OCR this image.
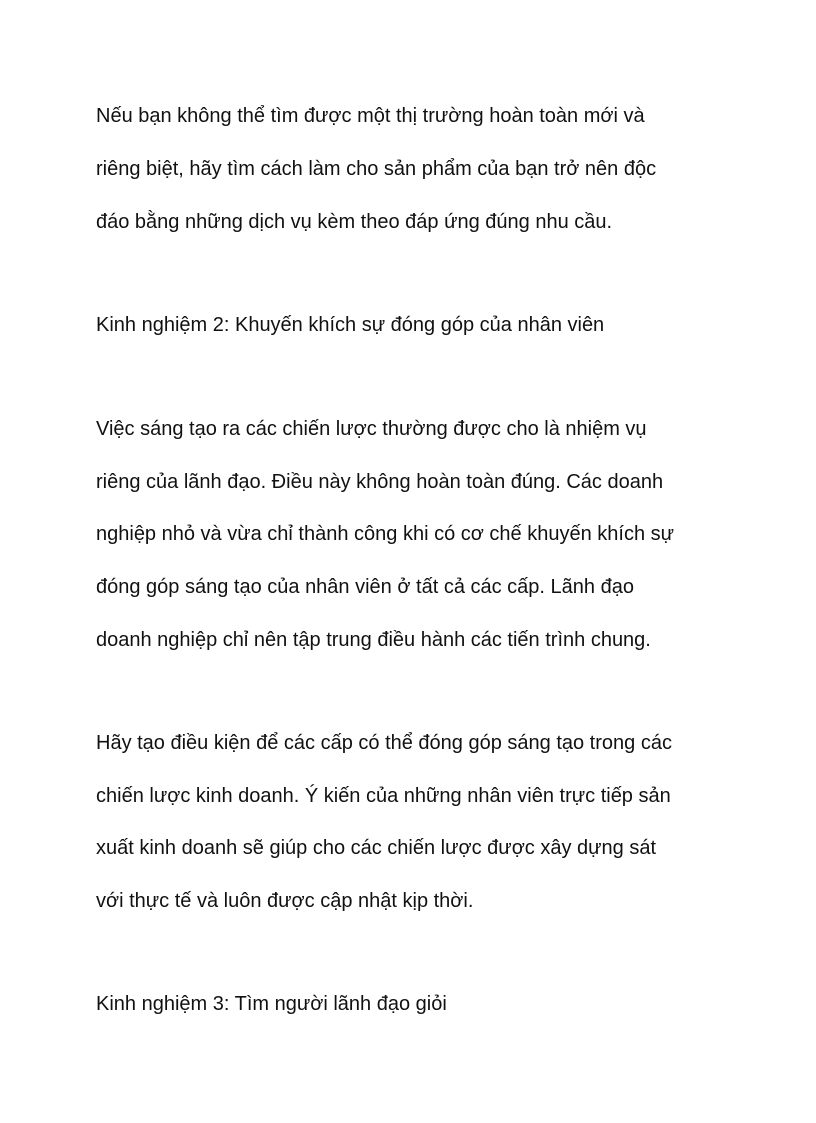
Nếu bạn không thể tìm được một thị trường hoàn toàn mới và

riêng biệt, hãy tìm cách làm cho sản phẩm của bạn trở nên độc

đáo bằng những dịch vụ kèm theo đáp ứng đúng nhu cầu.

Kinh nghiệm 2: Khuyến khích sự đóng góp của nhân viên

Việc sáng tạo ra các chiến lược thường được cho là nhiệm vụ

riêng của lãnh đạo. Điều này không hoàn toàn đúng. Các doanh

nghiệp nhỏ và vừa chỉ thành công khi có cơ chế khuyến khích sự

đóng góp sáng tạo của nhân viên ở tất cả các cấp. Lãnh đạo

doanh nghiệp chỉ nên tập trung điều hành các tiến trình chung.

Hãy tạo điều kiện để các cấp có thể đóng góp sáng tạo trong các

chiến lược kinh doanh. Ý kiến của những nhân viên trực tiếp sản

xuất kinh doanh sẽ giúp cho các chiến lược được xây dựng sát

với thực tế và luôn được cập nhật kịp thời.

Kinh nghiệm 3: Tìm người lãnh đạo giỏi
